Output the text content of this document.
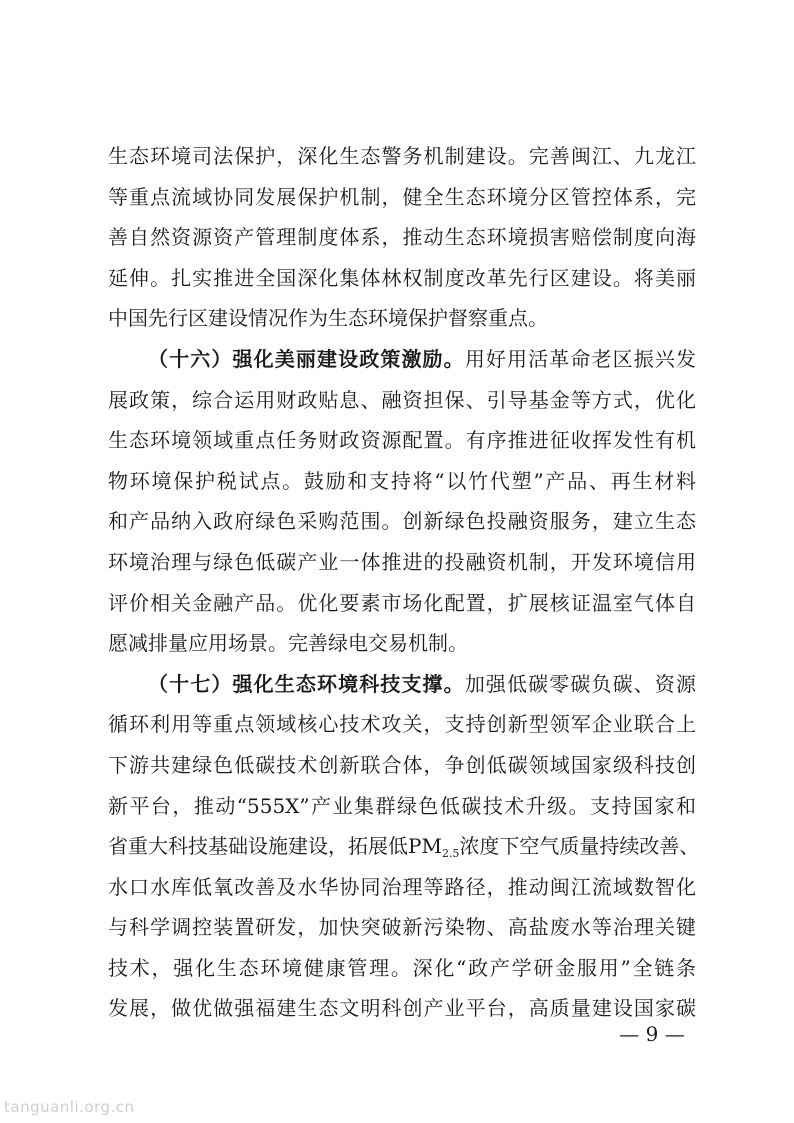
生态环境司法保护，深化生态警务机制建设。完善闽江、九龙江
等重点流域协同发展保护机制，健全生态环境分区管控体系，完
善自然资源资产管理制度体系，推动生态环境损害赔偿制度向海
延伸。扎实推进全国深化集体林权制度改革先行区建设。将美丽
中国先行区建设情况作为生态环境保护督察重点。
（十六）强化美丽建设政策激励。用好用活革命老区振兴发
展政策，综合运用财政贴息、融资担保、引导基金等方式，优化
生态环境领域重点任务财政资源配置。有序推进征收挥发性有机
物环境保护税试点。鼓励和支持将“以竹代塑”产品、再生材料
和产品纳入政府绿色采购范围。创新绿色投融资服务，建立生态
环境治理与绿色低碳产业一体推进的投融资机制，开发环境信用
评价相关金融产品。优化要素市场化配置，扩展核证温室气体自
愿减排量应用场景。完善绿电交易机制。
（十七）强化生态环境科技支撑。加强低碳零碳负碳、资源
循环利用等重点领域核心技术攻关，支持创新型领军企业联合上
下游共建绿色低碳技术创新联合体，争创低碳领域国家级科技创
新平台，推动“555X”产业集群绿色低碳技术升级。支持国家和
省重大科技基础设施建设，拓展低$PM_{2.5}$浓度下空气质量持续改善、
水口水库低氧改善及水华协同治理等路径，推动闽江流域数智化
与科学调控装置研发，加快突破新污染物、高盐废水等治理关键
技术，强化生态环境健康管理。深化“政产学研金服用”全链条
发展，做优做强福建生态文明科创产业平台，高质量建设国家碳
— 9 —
tanguanli.org.cn
